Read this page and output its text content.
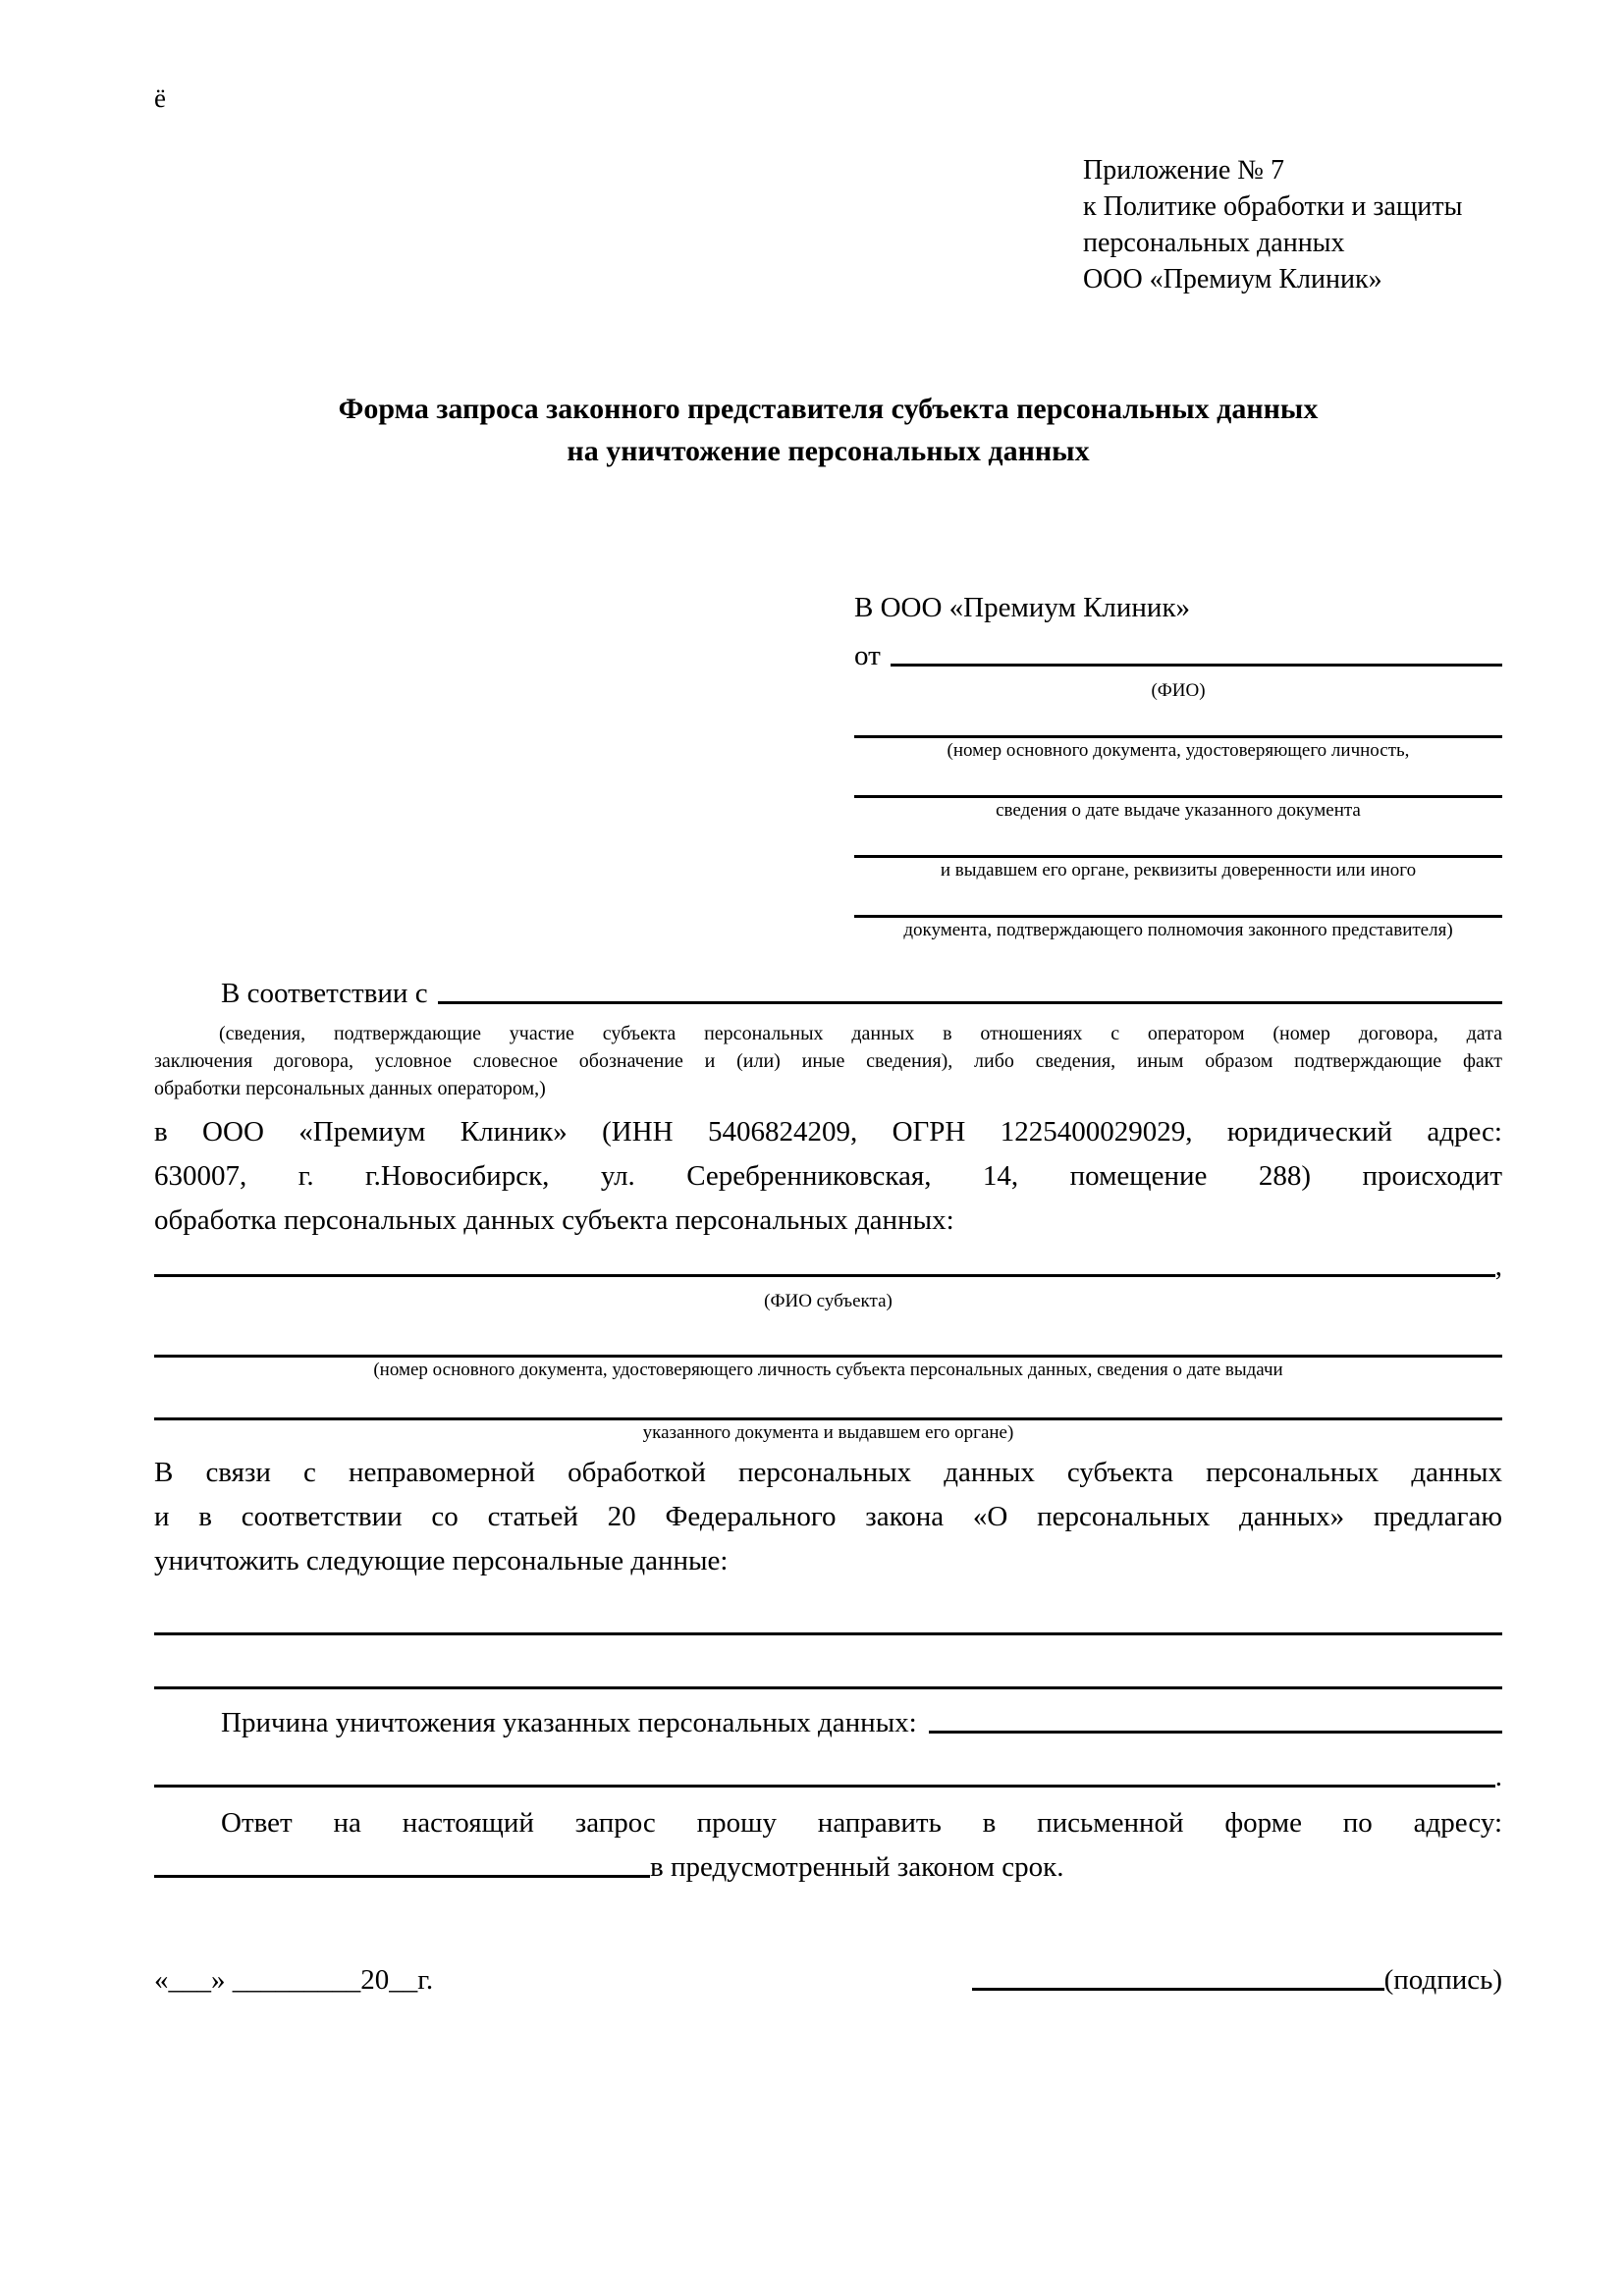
ё
Приложение № 7
к Политике обработки и защиты
персональных данных
ООО «Премиум Клиник»
Форма запроса законного представителя субъекта персональных данных
на уничтожение персональных данных
В ООО «Премиум Клиник»
от
(ФИО)
(номер основного документа, удостоверяющего личность,
сведения о дате выдаче указанного документа
и выдавшем его органе, реквизиты доверенности или иного
документа, подтверждающего полномочия законного представителя)
В соответствии с
(сведения, подтверждающие участие субъекта персональных данных в отношениях с оператором (номер договора, дата
заключения договора, условное словесное обозначение и (или) иные сведения), либо сведения, иным образом подтверждающие факт
обработки персональных данных оператором,)
в ООО «Премиум Клиник» (ИНН 5406824209, ОГРН 1225400029029, юридический адрес:
630007, г. г.Новосибирск, ул. Серебренниковская, 14, помещение 288) происходит
обработка персональных данных субъекта персональных данных:
,
(ФИО субъекта)
(номер основного документа, удостоверяющего личность субъекта персональных данных, сведения о дате выдачи
указанного документа и выдавшем его органе)
В связи с неправомерной обработкой персональных данных субъекта персональных данных
и в соответствии со статьей 20 Федерального закона «О персональных данных» предлагаю
уничтожить следующие персональные данные:
Причина уничтожения указанных персональных данных:
.
Ответ на настоящий запрос прошу направить в письменной форме по адресу:
в предусмотренный законом срок.
«___» _________20__г.	(подпись)
